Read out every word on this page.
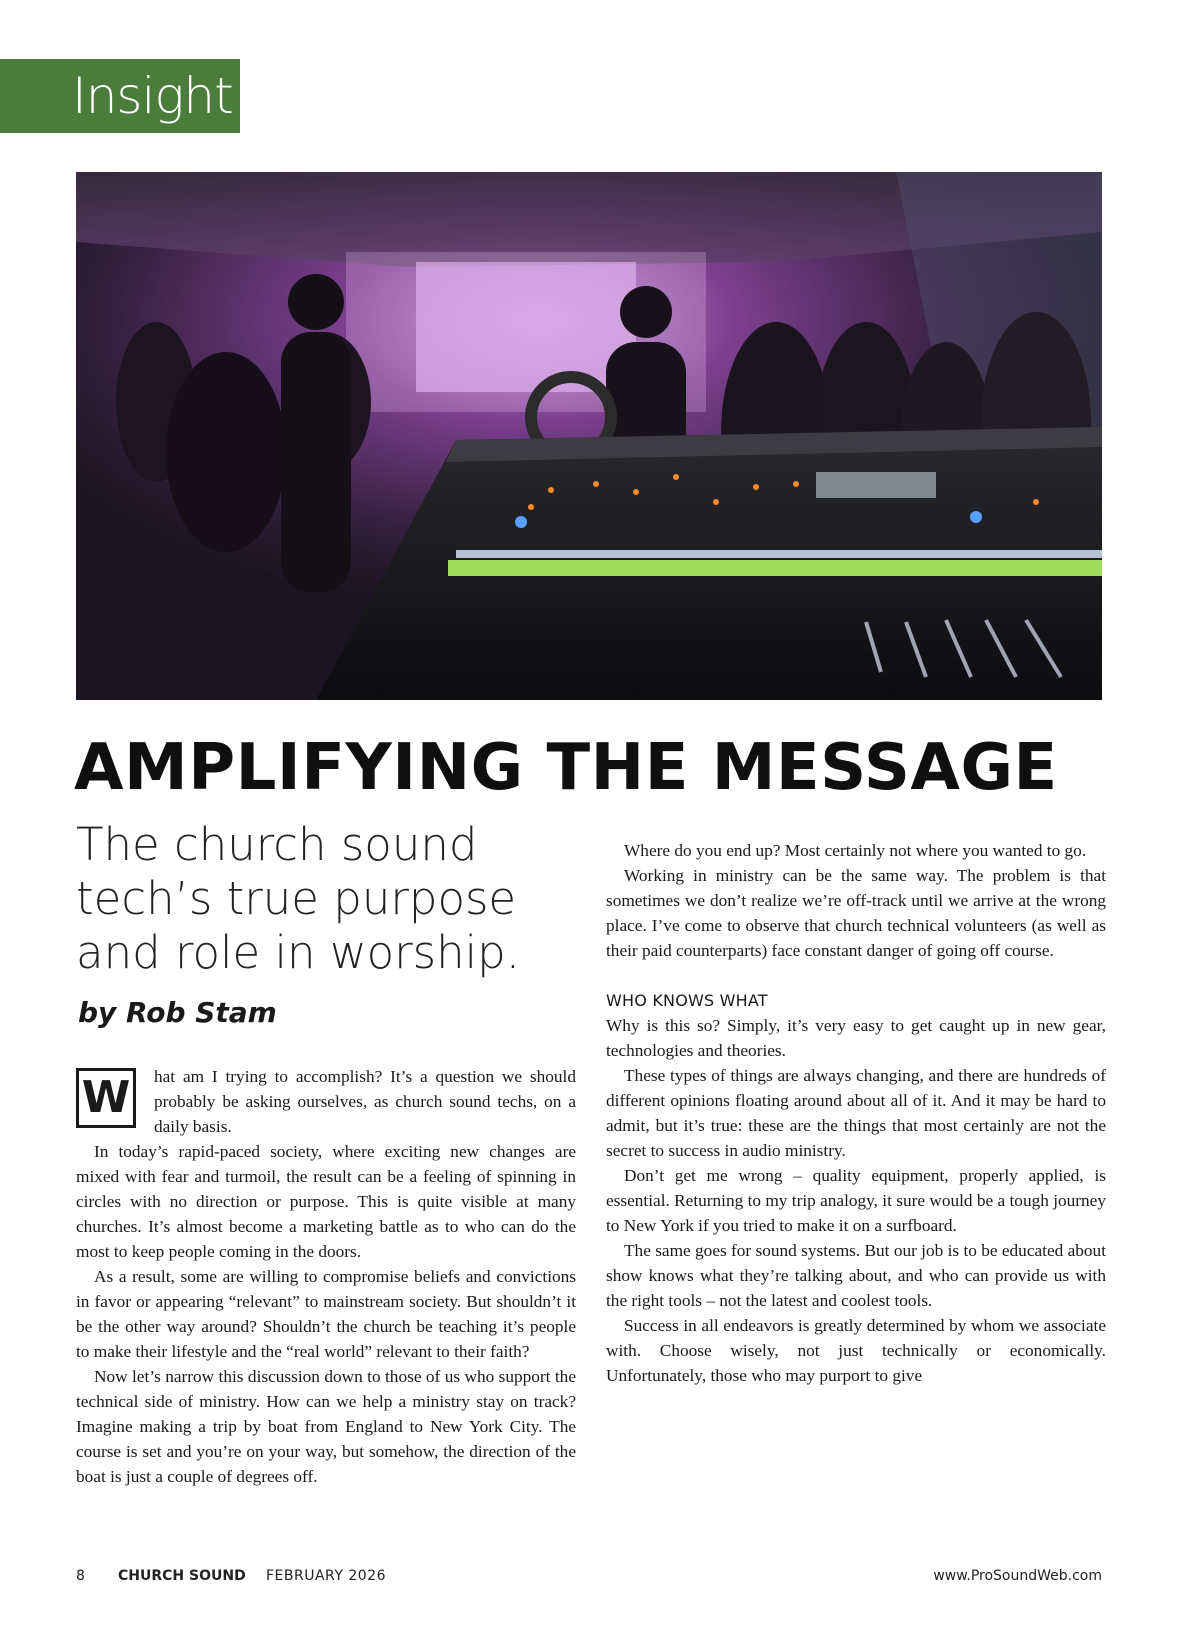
Insight
AMPLIFYING THE MESSAGE
The church sound tech’s true purpose and role in worship.

by Rob Stam

W	hat am I trying to accomplish? It’s a question we should probably be asking ourselves, as church sound techs, on a daily basis.

In today’s rapid-paced society, where exciting new changes are mixed with fear and turmoil, the result can be a feeling of spinning in circles with no direction or purpose. This is quite visible at many churches. It’s almost become a marketing battle as to who can do the most to keep people coming in the doors.

As a result, some are willing to compromise beliefs and convictions in favor or appearing “relevant” to mainstream society. But shouldn’t it be the other way around? Shouldn’t the church be teaching it’s people to make their lifestyle and the “real world” relevant to their faith?

Now let’s narrow this discussion down to those of us who support the technical side of ministry. How can we help a ministry stay on track? Imagine making a trip by boat from England to New York City. The course is set and you’re on your way, but somehow, the direction of the boat is just a couple of degrees off.

Where do you end up? Most certainly not where you wanted to go.

Working in ministry can be the same way. The problem is that sometimes we don’t realize we’re off-track until we arrive at the wrong place. I’ve come to observe that church technical volunteers (as well as their paid counterparts) face constant danger of going off course.

WHO KNOWS WHAT

Why is this so? Simply, it’s very easy to get caught up in new gear, technologies and theories.

These types of things are always changing, and there are hundreds of different opinions floating around about all of it. And it may be hard to admit, but it’s true: these are the things that most certainly are not the secret to success in audio ministry.

Don’t get me wrong – quality equipment, properly applied, is essential. Returning to my trip analogy, it sure would be a tough journey to New York if you tried to make it on a surfboard.

The same goes for sound systems. But our job is to be educated about show knows what they’re talking about, and who can provide us with the right tools – not the latest and coolest tools.

Success in all endeavors is greatly determined by whom we associate with. Choose wisely, not just technically or economically. Unfortunately, those who may purport to give

8 CHURCH SOUND FEBRUARY 2026	www.ProSoundWeb.com
